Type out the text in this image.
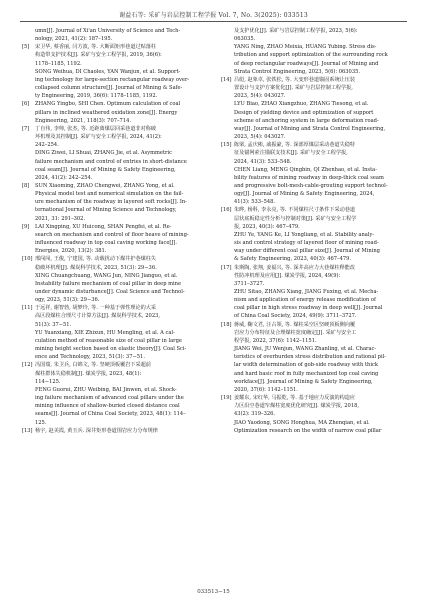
谢益石等: 采矿与岩层控制工程学报 Vol. 7, No. 3(2025): 033513
umn[J]. Journal of Xi'an University of Science and Tech-
nology, 2021, 41(2): 187–195.
[5] 宋卫华, 蔡香丽, 闫方波, 等. 大断面矩形巷道过贴落柱
构造带支护技术[J]. 采矿与安全工程学报, 2019, 36(6):
1178–1185, 1192.
SONG Weihua, DI Chaoles, YAN Wanjun, et al. Support-
ing technology for large-section rectangular roadway over-
collapsed column structure[J]. Journal of Mining & Safe-
ty Engineering, 2019, 36(6): 1178–1185, 1192.
[6] ZHANG Yingbo, SHI Chen. Optimum calculation of coal
pillars in inclined weathered oxidation zone[J]. Energy
Engineering, 2021, 118(3): 707–714.
[7] 丁自伟, 李帅, 张杰, 等. 近距离煤层回采巷道非对称破
坏机理及其控制[J]. 采矿与安全工程学报, 2024, 41(2):
242–254.
DING Ziwei, LI Shuai, ZHANG Jie, et al. Asymmetric
failure mechanism and control of entries in short-distance
coal seam[J]. Journal of Mining & Safety Engineering,
2024, 41(2): 242–254.
[8] SUN Xiaoming, ZHAO Chengwei, ZHANG Yong, et al.
Physical model test and numerical simulation on the fail-
ure mechanism of the roadway in layered soft rocks[J]. In-
ternational Journal of Mining Science and Technology,
2021, 31: 291–302.
[9] LAI Xingping, XU Huicong, SHAN Pengfei, et al. Re-
search on mechanism and control of floor heave of mining-
influenced roadway in top coal caving working face[J].
Energies, 2020, 13(2): 381.
[10] 邢闯闯, 王俊, 宁建国, 等. 动载扰动下煤井护巷煤柱失
稳破坏机理[J]. 煤炭科学技术, 2023, 51(3): 29−36.
XING Chuangchuang, WANG Jun, NING Jianguo, et al.
Instability failure mechanism of coal pillar in deep mine
under dynamic disturbance[J]. Coal Science and Technol-
ogy, 2023, 51(3): 29−36.
[11] 于远祥, 谢智勃, 胡梦玲, 等. 一种基于弹性理论的大采
高区段煤柱合理尺寸计算方法[J]. 煤炭科学技术, 2023,
51(3): 37−51.
YU Yuanxiang, XIE Zhixun, HU Mengling, et al. A cal-
culation method of reasonable size of coal pillar in large
mining height section based on elastic theory[J]. Coal Sci-
ence and Technology, 2023, 51(3): 37−51.
[12] 冯国瑞, 朱卫兵, 白锦文, 等. 坚硬顶板覆岩下采超前
煤柱群体失稳机制[J]. 煤炭学报, 2023, 48(1):
114−125.
FENG Guorui, ZHU Weibing, BAI Jinwen, et al. Shock-
ing failure mechanism of advanced coal pillars under the
mining influence of shallow-buried closed distance coal
seams[J]. Journal of China Coal Society, 2023, 48(1): 114–
125.
[13] 杨宇, 赵美霞, 黄玉兵. 深井矩形巷道围岩应力分布规律
及支护优化[J]. 采矿与岩层控制工程学报, 2023, 5(6):
063035.
YANG Ning, ZHAO Meixia, HUANG Yubing. Stress dis-
tribution and support optimization of the surrounding rock
of deep rectangular roadways[J]. Journal of Mining and
Strata Control Engineering, 2023, 5(6): 063035.
[14] 吕彪, 赵象卓, 张铁松, 等. 大变形巷道锚固系统让压装
置设计与支护方案优化[J]. 采矿与岩层控制工程学报,
2023, 5(4): 043027.
LYU Biao, ZHAO Xiangzhuo, ZHANG Tiesong, et al.
Design of yielding device and optimization of support
scheme of anchoring system in large deformation road-
way[J]. Journal of Mining and Strata Control Engineering,
2023, 5(4): 043027.
[15] 陈梁, 孟庆彬, 戚振豪, 等. 深部厚煤层采动巷道失稳特
征及锚网索注锚联支技术[J]. 采矿与安全工程学报,
2024, 41(3): 533–548.
CHEN Liang, MENG Qingbin, QI Zhenhao, et al. Insta-
bility features of mining roadway in deep-thick coal seam
and progressive bolt-mesh-cable-grouting support technol-
ogy[J]. Journal of Mining & Safety Engineering, 2024,
41(3): 533–548.
[16] 朱晔, 杨科, 李永亮, 等. 不同煤柱尺寸条件下采动巷道
层状底板稳定性分析与控制对策[J]. 采矿与安全工程学
报, 2023, 40(3): 467–479.
ZHU Ye, YANG Ke, LI Yongliang, et al. Stability analy-
sis and control strategy of layered floor of mining road-
way under different coal pillar size[J]. Journal of Mining
& Safety Engineering, 2023, 40(3): 467–479.
[17] 朱斯陶, 张翔, 姜福兴, 等. 深井高应力大巷煤柱释能改
性防冲机理及应用[J]. 煤炭学报, 2024, 49(9):
3711–3727.
ZHU Sitao, ZHANG Xiang, JIANG Fuxing, et al. Mecha-
nism and application of energy release modification of
coal pillar in high stress roadway in deep well[J]. Journal
of China Coal Society, 2024, 49(9): 3711–3727.
[18] 蒋威, 鞠文君, 汪占领, 等. 煤柱采空区坚硬顶板侧向覆
岩应力分布特征及合理煤柱宽度确定[J]. 采矿与安全工
程学报, 2022, 37(6): 1142–1151.
JIANG Wei, JU Wenjun, WANG Zhanling, et al. Charac-
teristics of overburden stress distribution and rational pil-
lar width determination of gob-side roadway with thick
and hard basic roof in fully mechanized top coal caving
workface[J]. Journal of Mining & Safety Engineering,
2020, 37(6): 1142–1151.
[19] 姜耀东, 宋红华, 马振乾, 等. 基于地应力反演的构造应
力区沿空巷道窄煤柱宽度优化研究[J]. 煤炭学报, 2018,
43(2): 319–326.
JIAO Yaodong, SONG Honghua, MA Zhenqian, et al.
Optimization research on the width of narrow coal pillar
033513−15
